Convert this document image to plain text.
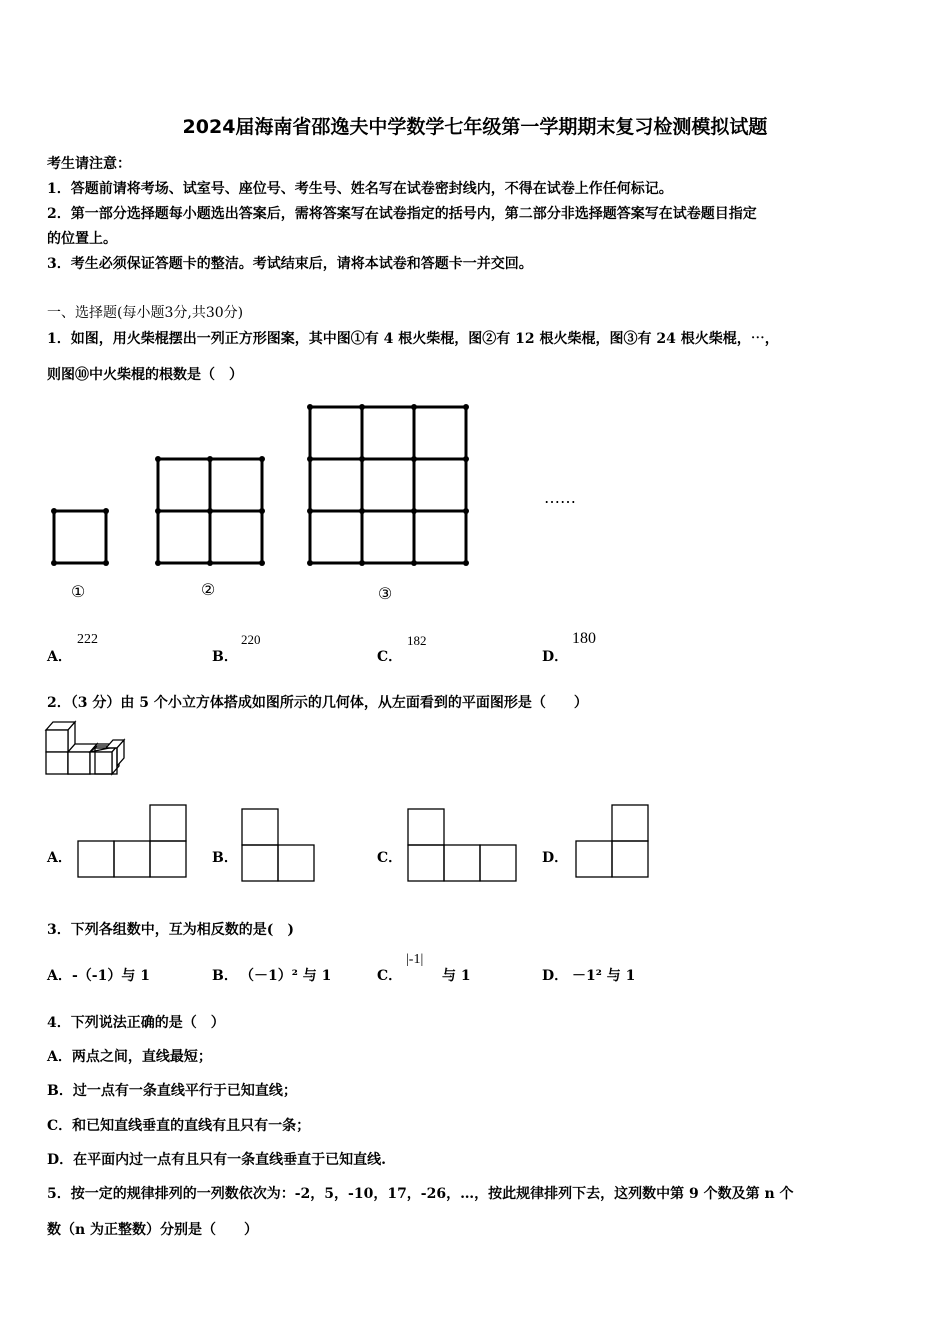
2024届海南省邵逸夫中学数学七年级第一学期期末复习检测模拟试题
考生请注意：
1．答题前请将考场、试室号、座位号、考生号、姓名写在试卷密封线内，不得在试卷上作任何标记。
2．第一部分选择题每小题选出答案后，需将答案写在试卷指定的括号内，第二部分非选择题答案写在试卷题目指定
的位置上。
3．考生必须保证答题卡的整洁。考试结束后，请将本试卷和答题卡一并交回。
一、选择题(每小题3分,共30分)
1．如图，用火柴棍摆出一列正方形图案，其中图①有 4 根火柴棍，图②有 12 根火柴棍，图③有 24 根火柴棍，⋯，
则图⑩中火柴棍的根数是（　）
①	②	③
……
A．
222
B．
220
C．
182
D．
180
2．（3 分）由 5 个小立方体搭成如图所示的几何体，从左面看到的平面图形是（　　）
A．	B．	C．	D．
3．下列各组数中，互为相反数的是(　)
A． -（-1）与 1	B． （－1）² 与 1	C．
|-1|
与 1	D． －1² 与 1
4．下列说法正确的是（　）
A．两点之间，直线最短；
B．过一点有一条直线平行于已知直线；
C．和已知直线垂直的直线有且只有一条；
D．在平面内过一点有且只有一条直线垂直于已知直线.
5．按一定的规律排列的一列数依次为：-2，5，-10，17，-26，…，按此规律排列下去，这列数中第 9 个数及第 n 个
数（n 为正整数）分别是（　　）
